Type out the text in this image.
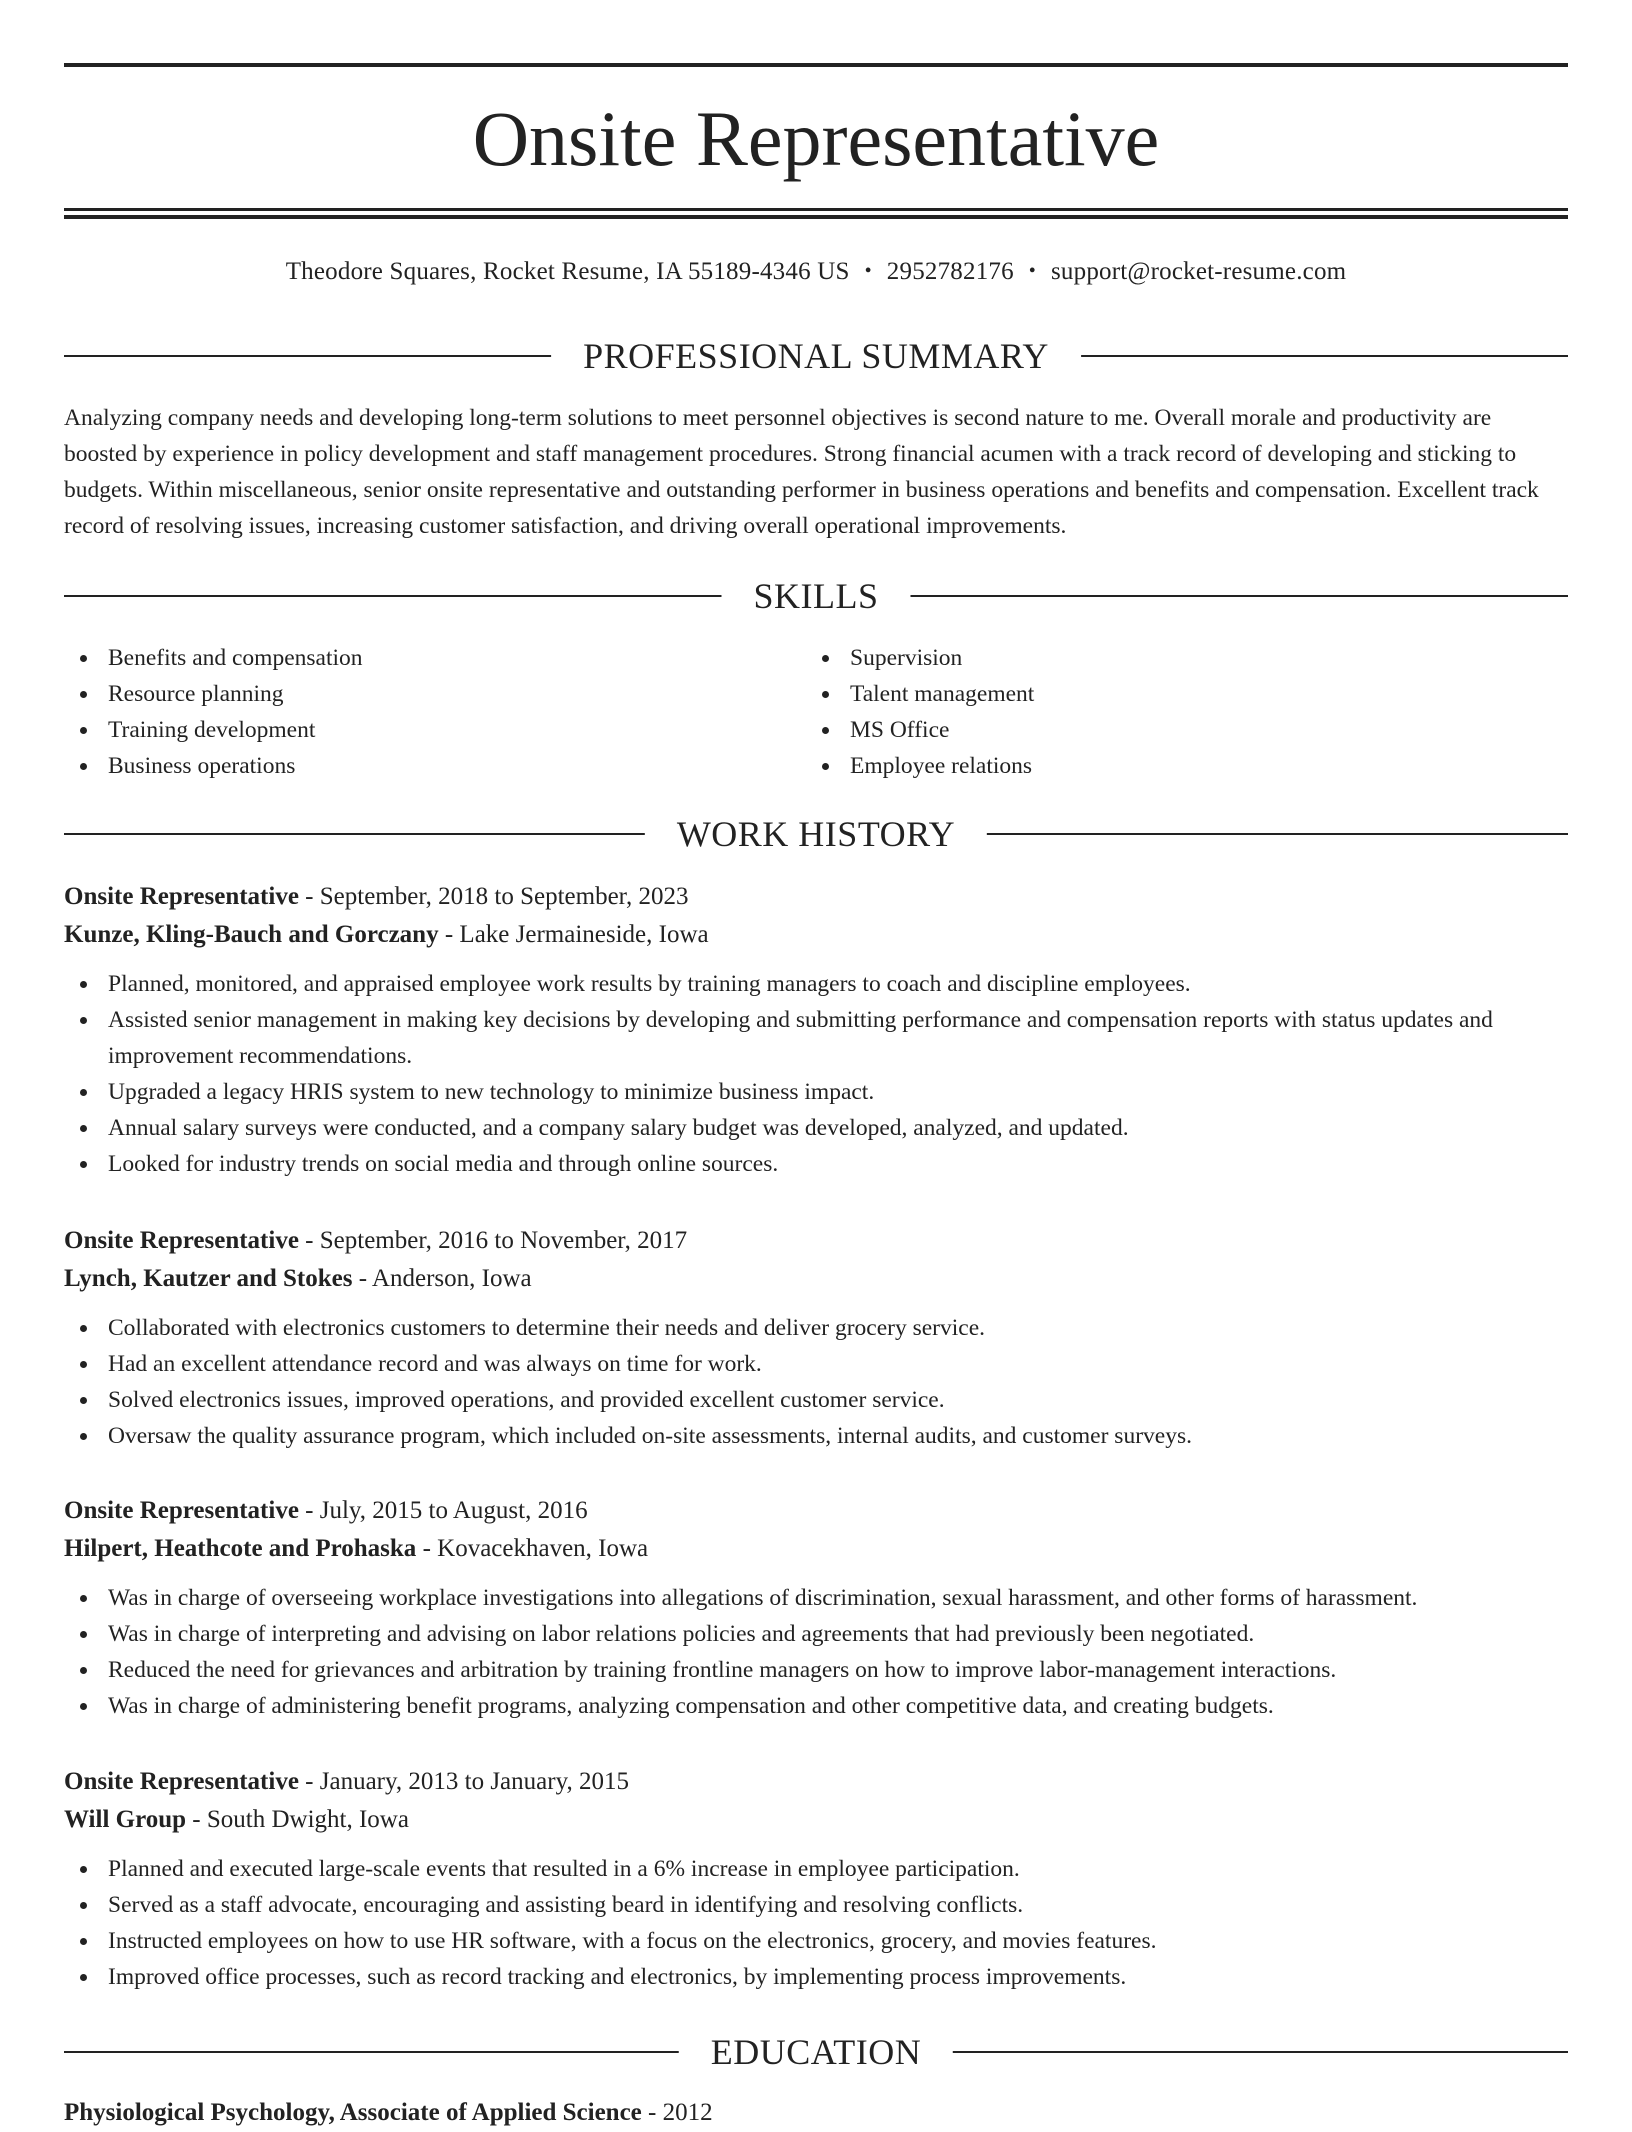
Onsite Representative
Theodore Squares, Rocket Resume, IA 55189-4346 US • 2952782176 • support@rocket-resume.com
PROFESSIONAL SUMMARY

Analyzing company needs and developing long-term solutions to meet personnel objectives is second nature to me. Overall morale and productivity are boosted by experience in policy development and staff management procedures. Strong financial acumen with a track record of developing and sticking to budgets. Within miscellaneous, senior onsite representative and outstanding performer in business operations and benefits and compensation. Excellent track record of resolving issues, increasing customer satisfaction, and driving overall operational improvements.

SKILLS
Benefits and compensation
Resource planning
Training development
Business operations
Supervision
Talent management
MS Office
Employee relations
WORK HISTORY
Onsite Representative - September, 2018 to September, 2023
Kunze, Kling-Bauch and Gorczany - Lake Jermaineside, Iowa
Planned, monitored, and appraised employee work results by training managers to coach and discipline employees.
Assisted senior management in making key decisions by developing and submitting performance and compensation reports with status updates and improvement recommendations.
Upgraded a legacy HRIS system to new technology to minimize business impact.
Annual salary surveys were conducted, and a company salary budget was developed, analyzed, and updated.
Looked for industry trends on social media and through online sources.
Onsite Representative - September, 2016 to November, 2017
Lynch, Kautzer and Stokes - Anderson, Iowa
Collaborated with electronics customers to determine their needs and deliver grocery service.
Had an excellent attendance record and was always on time for work.
Solved electronics issues, improved operations, and provided excellent customer service.
Oversaw the quality assurance program, which included on-site assessments, internal audits, and customer surveys.
Onsite Representative - July, 2015 to August, 2016
Hilpert, Heathcote and Prohaska - Kovacekhaven, Iowa
Was in charge of overseeing workplace investigations into allegations of discrimination, sexual harassment, and other forms of harassment.
Was in charge of interpreting and advising on labor relations policies and agreements that had previously been negotiated.
Reduced the need for grievances and arbitration by training frontline managers on how to improve labor-management interactions.
Was in charge of administering benefit programs, analyzing compensation and other competitive data, and creating budgets.
Onsite Representative - January, 2013 to January, 2015
Will Group - South Dwight, Iowa
Planned and executed large-scale events that resulted in a 6% increase in employee participation.
Served as a staff advocate, encouraging and assisting beard in identifying and resolving conflicts.
Instructed employees on how to use HR software, with a focus on the electronics, grocery, and movies features.
Improved office processes, such as record tracking and electronics, by implementing process improvements.
EDUCATION
Physiological Psychology, Associate of Applied Science - 2012
